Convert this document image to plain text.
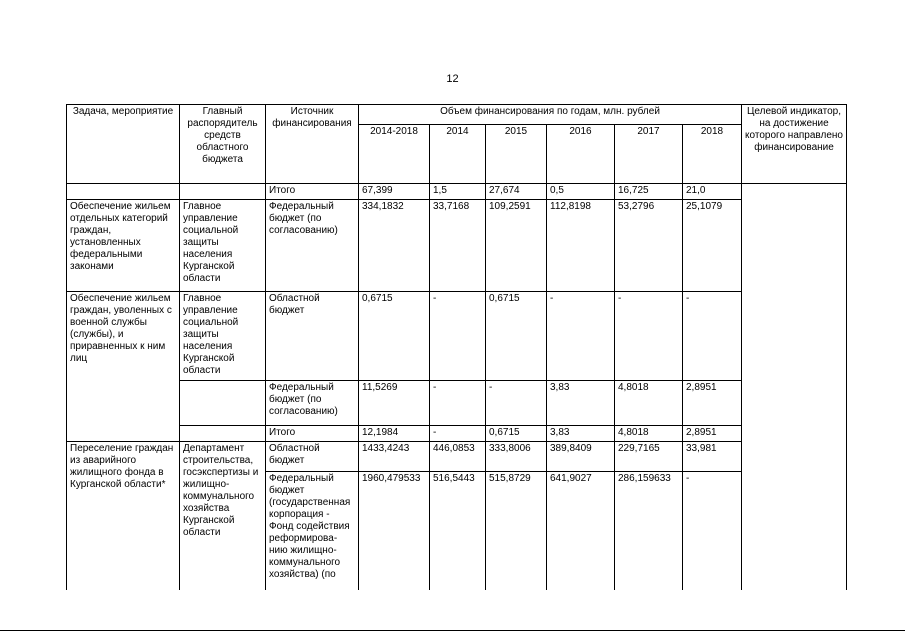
12
Задача, мероприятие	Главный распорядитель средств областного бюджета	Источник финансирования	Объем финансирования по годам, млн. рублей						Целевой индикатор, на достижение которого направлено финансирование
			2014-2018	2014	2015	2016	2017	2018	
		Итого	67,399	1,5	27,674	0,5	16,725	21,0	
Обеспечение жильем отдельных категорий граждан, установленных федеральными законами	Главное управление социальной защиты населения Курганской области	Федеральный бюджет (по согласованию)	334,1832	33,7168	109,2591	112,8198	53,2796	25,1079	
Обеспечение жильем граждан, уволенных с военной службы (службы), и приравненных к ним лиц	Главное управление социальной защиты населения Курганской области	Областной бюджет	0,6715	-	0,6715	-	-	-	
		Федеральный бюджет (по согласованию)	11,5269	-	-	3,83	4,8018	2,8951	
		Итого	12,1984	-	0,6715	3,83	4,8018	2,8951	
Переселение граждан из аварийного жилищного фонда в Курганской области*	Департамент строительства, госэкспертизы и жилищно-коммунального хозяйства Курганской области	Областной бюджет	1433,4243	446,0853	333,8006	389,8409	229,7165	33,981	
		Федеральный бюджет (государственная корпорация - Фонд содействия реформирова-нию жилищно-коммунального хозяйства) (по	1960,479533	516,5443	515,8729	641,9027	286,159633	-	
